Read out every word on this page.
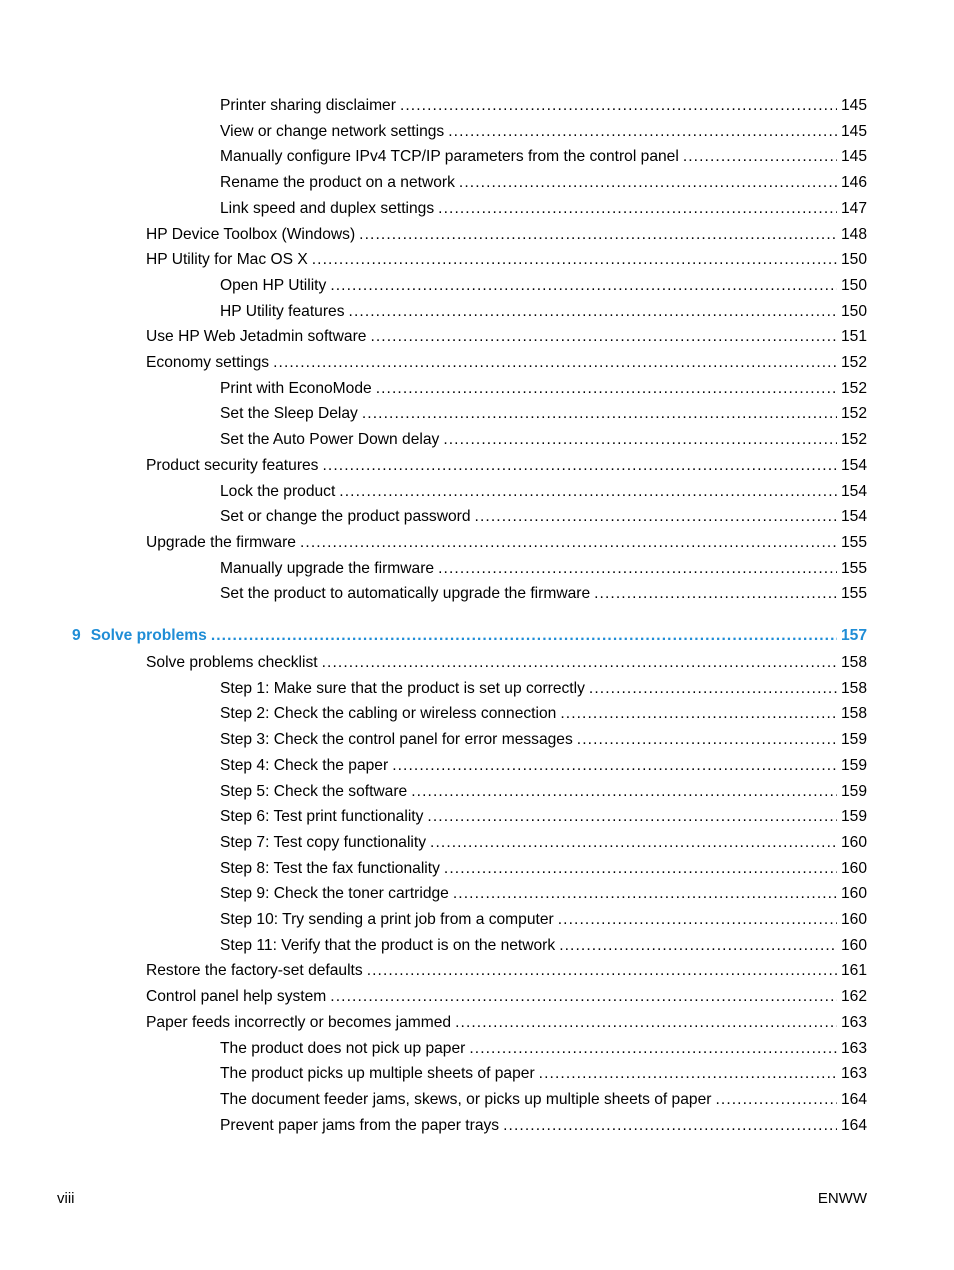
Printer sharing disclaimer .....	145
View or change network settings .....	145
Manually configure IPv4 TCP/IP parameters from the control panel .....	145
Rename the product on a network .....	146
Link speed and duplex settings .....	147
HP Device Toolbox (Windows) .....	148
HP Utility for Mac OS X .....	150
Open HP Utility .....	150
HP Utility features .....	150
Use HP Web Jetadmin software .....	151
Economy settings .....	152
Print with EconoMode .....	152
Set the Sleep Delay .....	152
Set the Auto Power Down delay .....	152
Product security features .....	154
Lock the product .....	154
Set or change the product password .....	154
Upgrade the firmware .....	155
Manually upgrade the firmware .....	155
Set the product to automatically upgrade the firmware .....	155
9 Solve problems .....	157
Solve problems checklist .....	158
Step 1: Make sure that the product is set up correctly .....	158
Step 2: Check the cabling or wireless connection .....	158
Step 3: Check the control panel for error messages .....	159
Step 4: Check the paper .....	159
Step 5: Check the software .....	159
Step 6: Test print functionality .....	159
Step 7: Test copy functionality .....	160
Step 8: Test the fax functionality .....	160
Step 9: Check the toner cartridge .....	160
Step 10: Try sending a print job from a computer .....	160
Step 11: Verify that the product is on the network .....	160
Restore the factory-set defaults .....	161
Control panel help system .....	162
Paper feeds incorrectly or becomes jammed .....	163
The product does not pick up paper .....	163
The product picks up multiple sheets of paper .....	163
The document feeder jams, skews, or picks up multiple sheets of paper .....	164
Prevent paper jams from the paper trays .....	164
viii	ENWW
